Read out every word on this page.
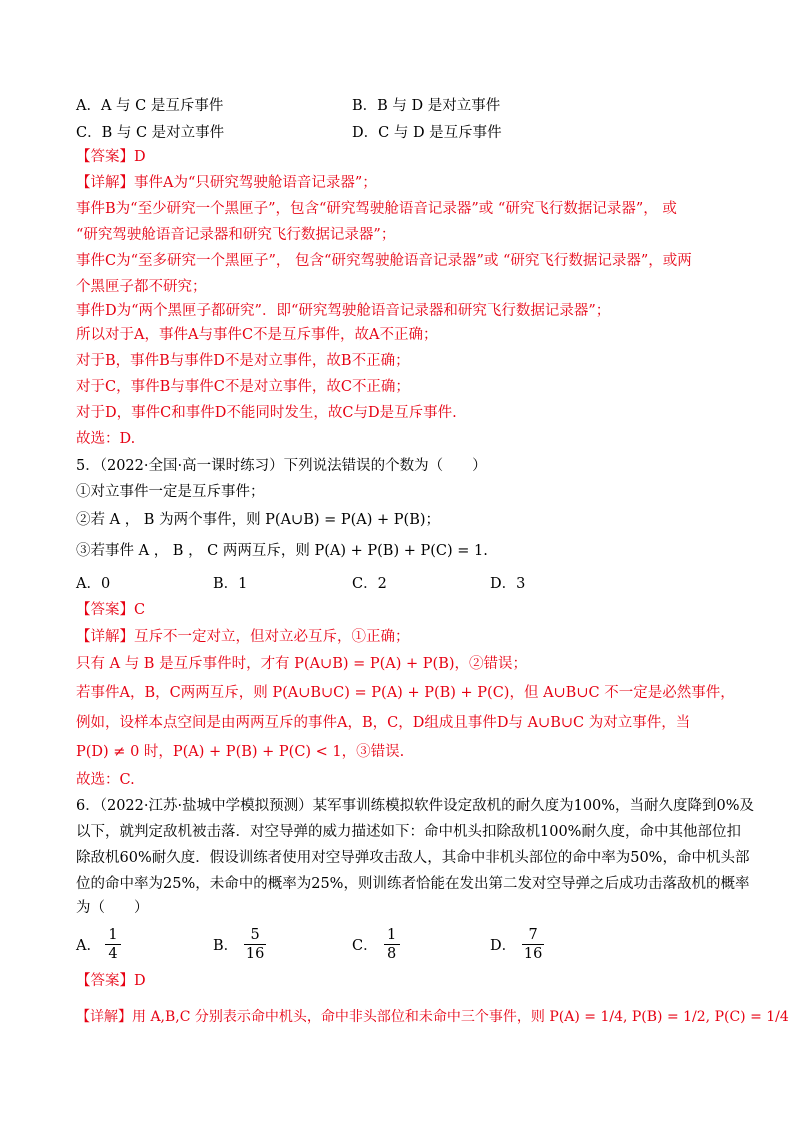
A．A 与 C 是互斥事件	B．B 与 D 是对立事件
C．B 与 C 是对立事件	D．C 与 D 是互斥事件
【答案】D
【详解】事件A为“只研究驾驶舱语音记录器”；
事件B为“至少研究一个黑匣子”，包含“研究驾驶舱语音记录器”或 “研究飞行数据记录器”， 或
“研究驾驶舱语音记录器和研究飞行数据记录器”；
事件C为“至多研究一个黑匣子”， 包含“研究驾驶舱语音记录器”或 “研究飞行数据记录器”，或两
个黑匣子都不研究；
事件D为“两个黑匣子都研究”．即“研究驾驶舱语音记录器和研究飞行数据记录器”；
所以对于A，事件A与事件C不是互斥事件，故A不正确；
对于B，事件B与事件D不是对立事件，故B不正确；
对于C，事件B与事件C不是对立事件，故C不正确；
对于D，事件C和事件D不能同时发生，故C与D是互斥事件.
故选：D.
5．（2022·全国·高一课时练习）下列说法错误的个数为（　　）
①对立事件一定是互斥事件；
②若 A ， B 为两个事件，则 P(A∪B) = P(A) + P(B)；
③若事件 A ， B ， C 两两互斥，则 P(A) + P(B) + P(C) = 1.
A．0	B．1	C．2	D．3
【答案】C
【详解】互斥不一定对立，但对立必互斥，①正确；
只有 A 与 B 是互斥事件时，才有 P(A∪B) = P(A) + P(B)，②错误；
若事件A，B，C两两互斥，则 P(A∪B∪C) = P(A) + P(B) + P(C)，但 A∪B∪C 不一定是必然事件，
例如，设样本点空间是由两两互斥的事件A，B，C，D组成且事件D与 A∪B∪C 为对立事件，当
P(D) ≠ 0 时，P(A) + P(B) + P(C) < 1，③错误.
故选：C.
6．（2022·江苏·盐城中学模拟预测）某军事训练模拟软件设定敌机的耐久度为100%，当耐久度降到0%及
以下，就判定敌机被击落．对空导弹的威力描述如下：命中机头扣除敌机100%耐久度，命中其他部位扣
除敌机60%耐久度．假设训练者使用对空导弹攻击敌人，其命中非机头部位的命中率为50%，命中机头部
位的命中率为25%，未命中的概率为25%，则训练者恰能在发出第二发对空导弹之后成功击落敌机的概率
为（　　）
A．
1
4	B．
5
16	C．
1
8	D．
7
16
【答案】D
【详解】用 A,B,C 分别表示命中机头，命中非头部位和未命中三个事件，则 P(A) = 1/4, P(B) = 1/2, P(C) = 1/4
